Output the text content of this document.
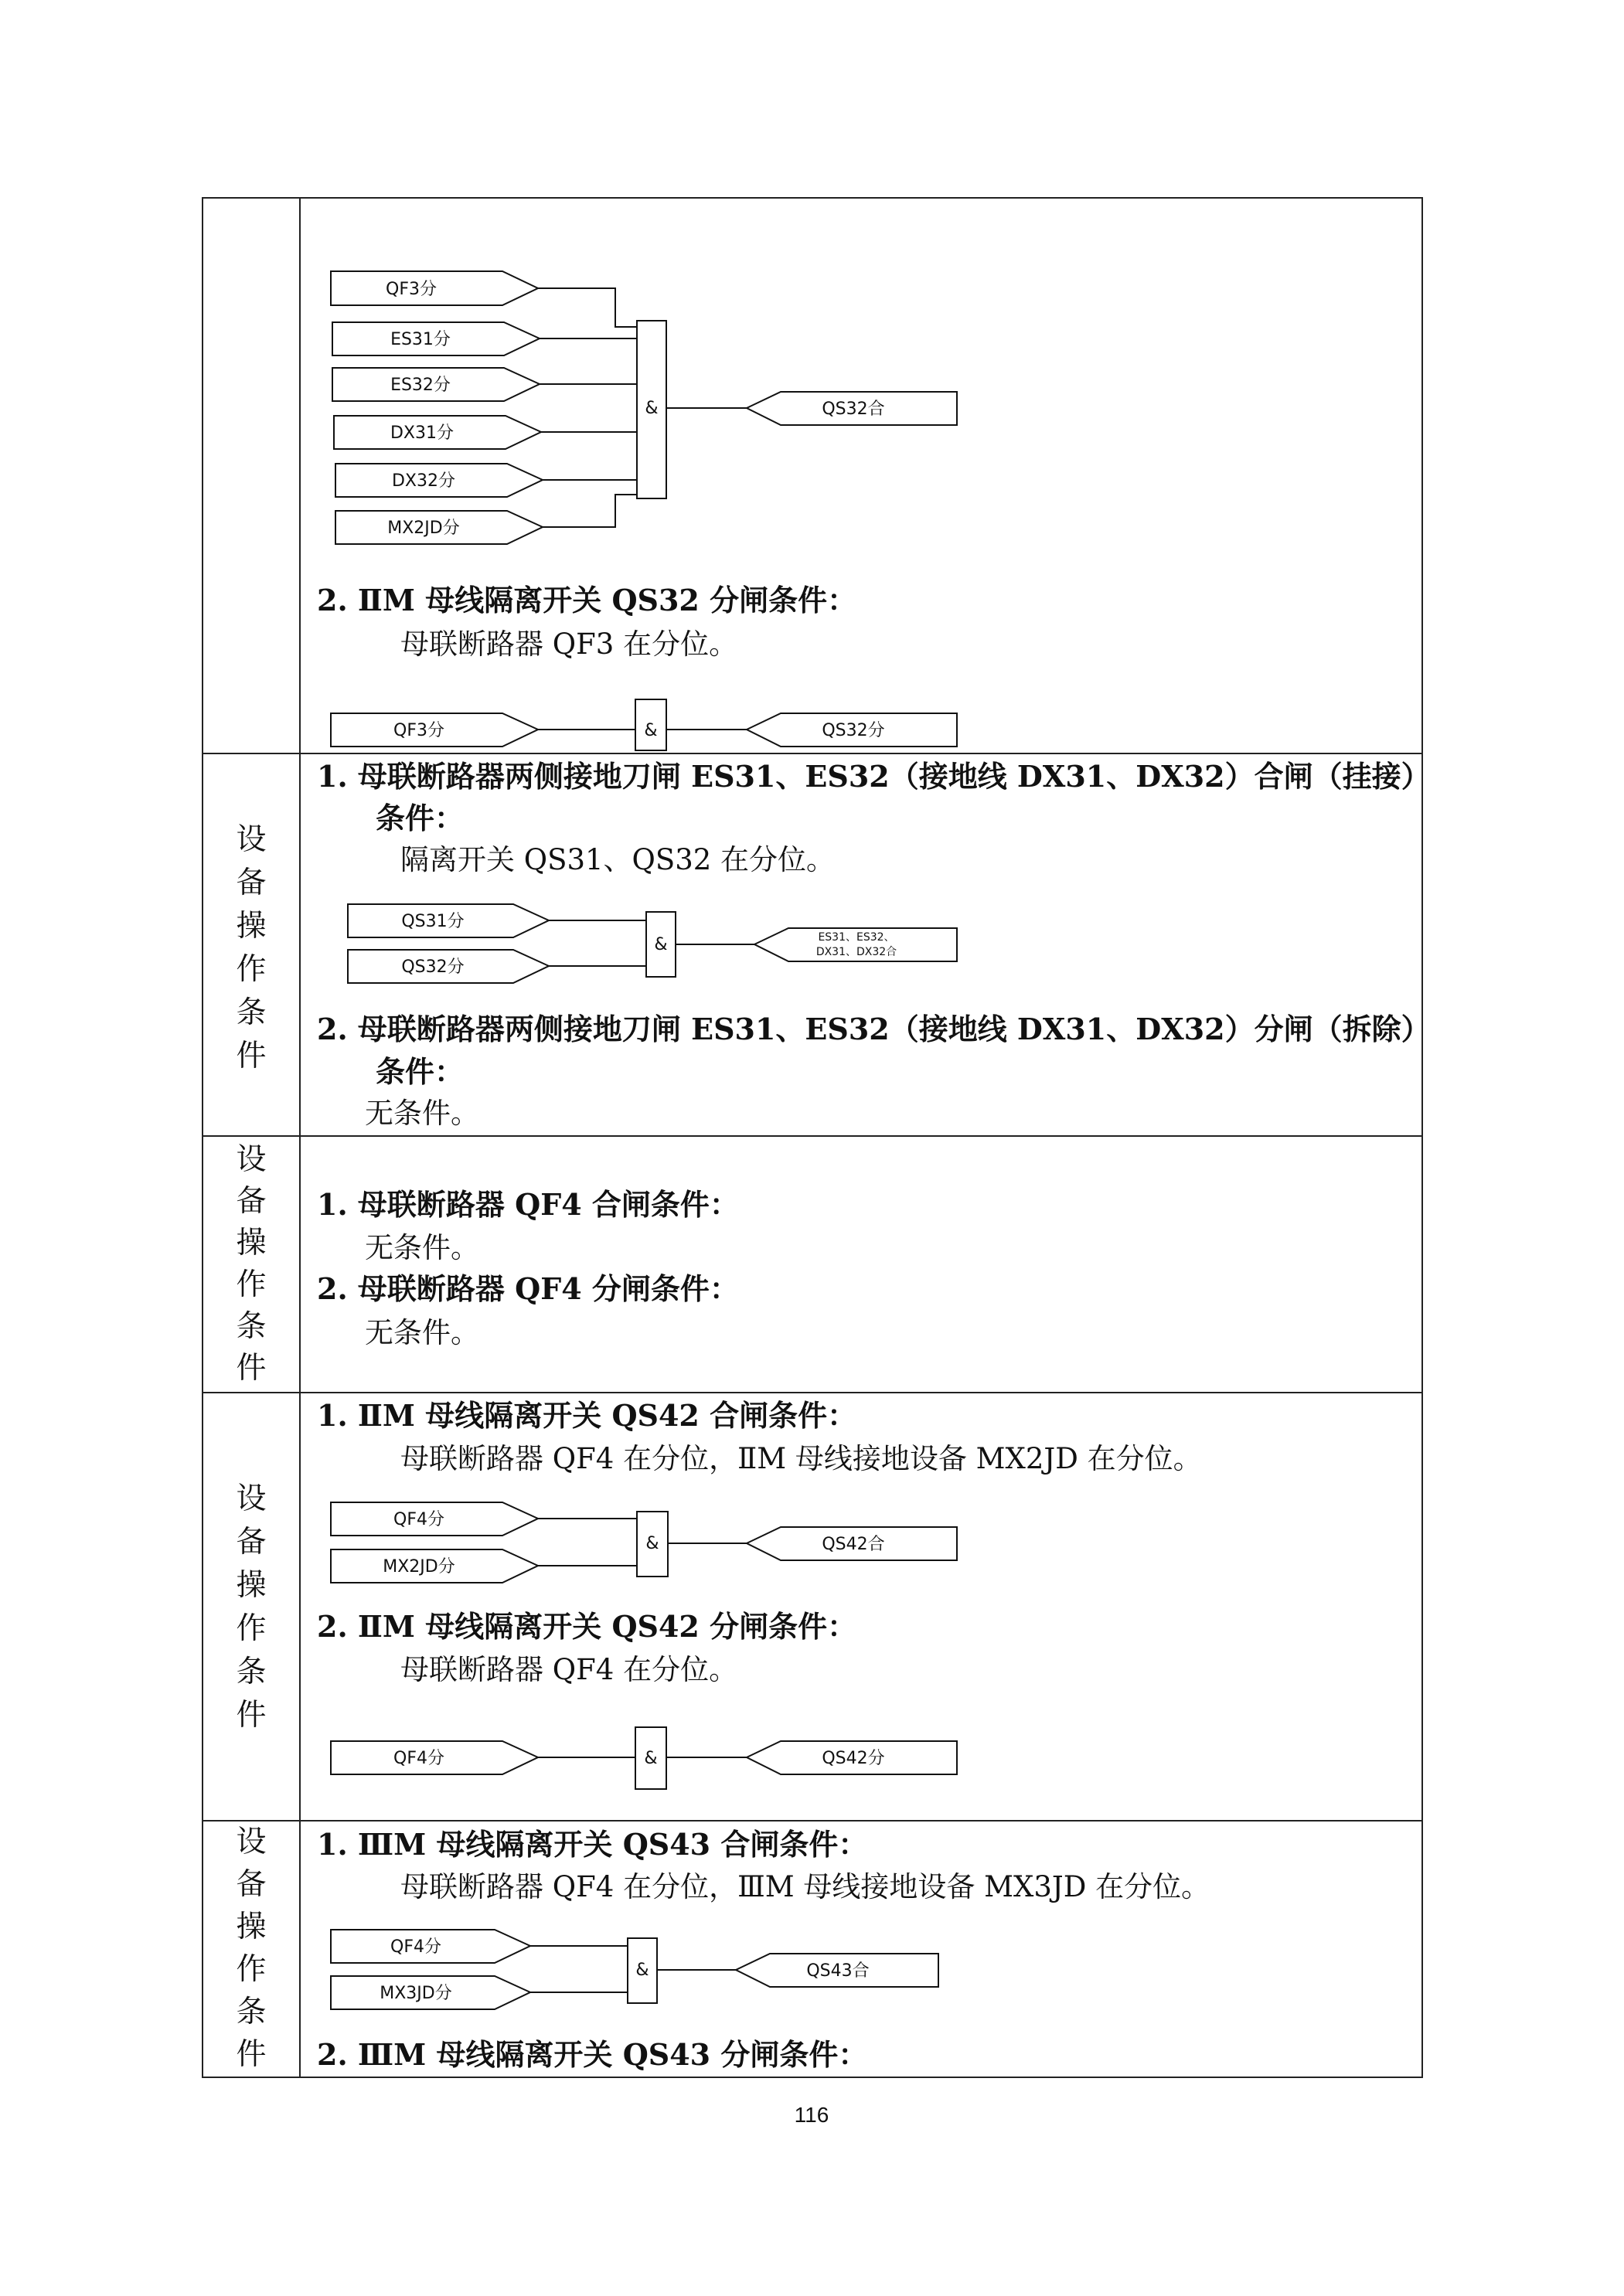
QF3分
ES31分
ES32分
DX31分
DX32分
MX2JD分
&	QS32合
2. ⅡM 母线隔离开关 QS32 分闸条件：
母联断路器 QF3 在分位。
QF3分	&	QS32分
设
备
操
作
条
件
1. 母联断路器两侧接地刀闸 ES31、ES32（接地线 DX31、DX32）合闸（挂接）
条件：
隔离开关 QS31、QS32 在分位。
QS31分
QS32分
&	ES31、ES32、
DX31、DX32合
2. 母联断路器两侧接地刀闸 ES31、ES32（接地线 DX31、DX32）分闸（拆除）
条件：
无条件。
设
备
操
作
条
件
1. 母联断路器 QF4 合闸条件：
无条件。
2. 母联断路器 QF4 分闸条件：
无条件。
设
备
操
作
条
件
1. ⅡM 母线隔离开关 QS42 合闸条件：
母联断路器 QF4 在分位，ⅡM 母线接地设备 MX2JD 在分位。
QF4分
MX2JD分
&	QS42合
2. ⅡM 母线隔离开关 QS42 分闸条件：
母联断路器 QF4 在分位。
QF4分	&	QS42分
设
备
操
作
条
件
1. ⅢM 母线隔离开关 QS43 合闸条件：
母联断路器 QF4 在分位，ⅢM 母线接地设备 MX3JD 在分位。
QF4分
MX3JD分
&	QS43合
2. ⅢM 母线隔离开关 QS43 分闸条件：
116
